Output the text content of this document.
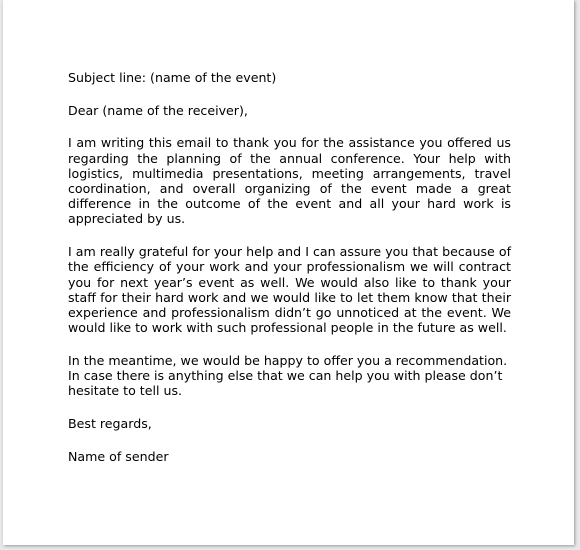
Subject line: (name of the event)

Dear (name of the receiver),

I am writing this email to thank you for the assistance you offered us regarding the planning of the annual conference. Your help with logistics, multimedia presentations, meeting arrangements, travel coordination, and overall organizing of the event made a great difference in the outcome of the event and all your hard work is appreciated by us.

I am really grateful for your help and I can assure you that because of the efficiency of your work and your professionalism we will contract you for next year’s event as well. We would also like to thank your staff for their hard work and we would like to let them know that their experience and professionalism didn’t go unnoticed at the event. We would like to work with such professional people in the future as well.

In the meantime, we would be happy to offer you a recommendation. In case there is anything else that we can help you with please don’t hesitate to tell us.

Best regards,

Name of sender
